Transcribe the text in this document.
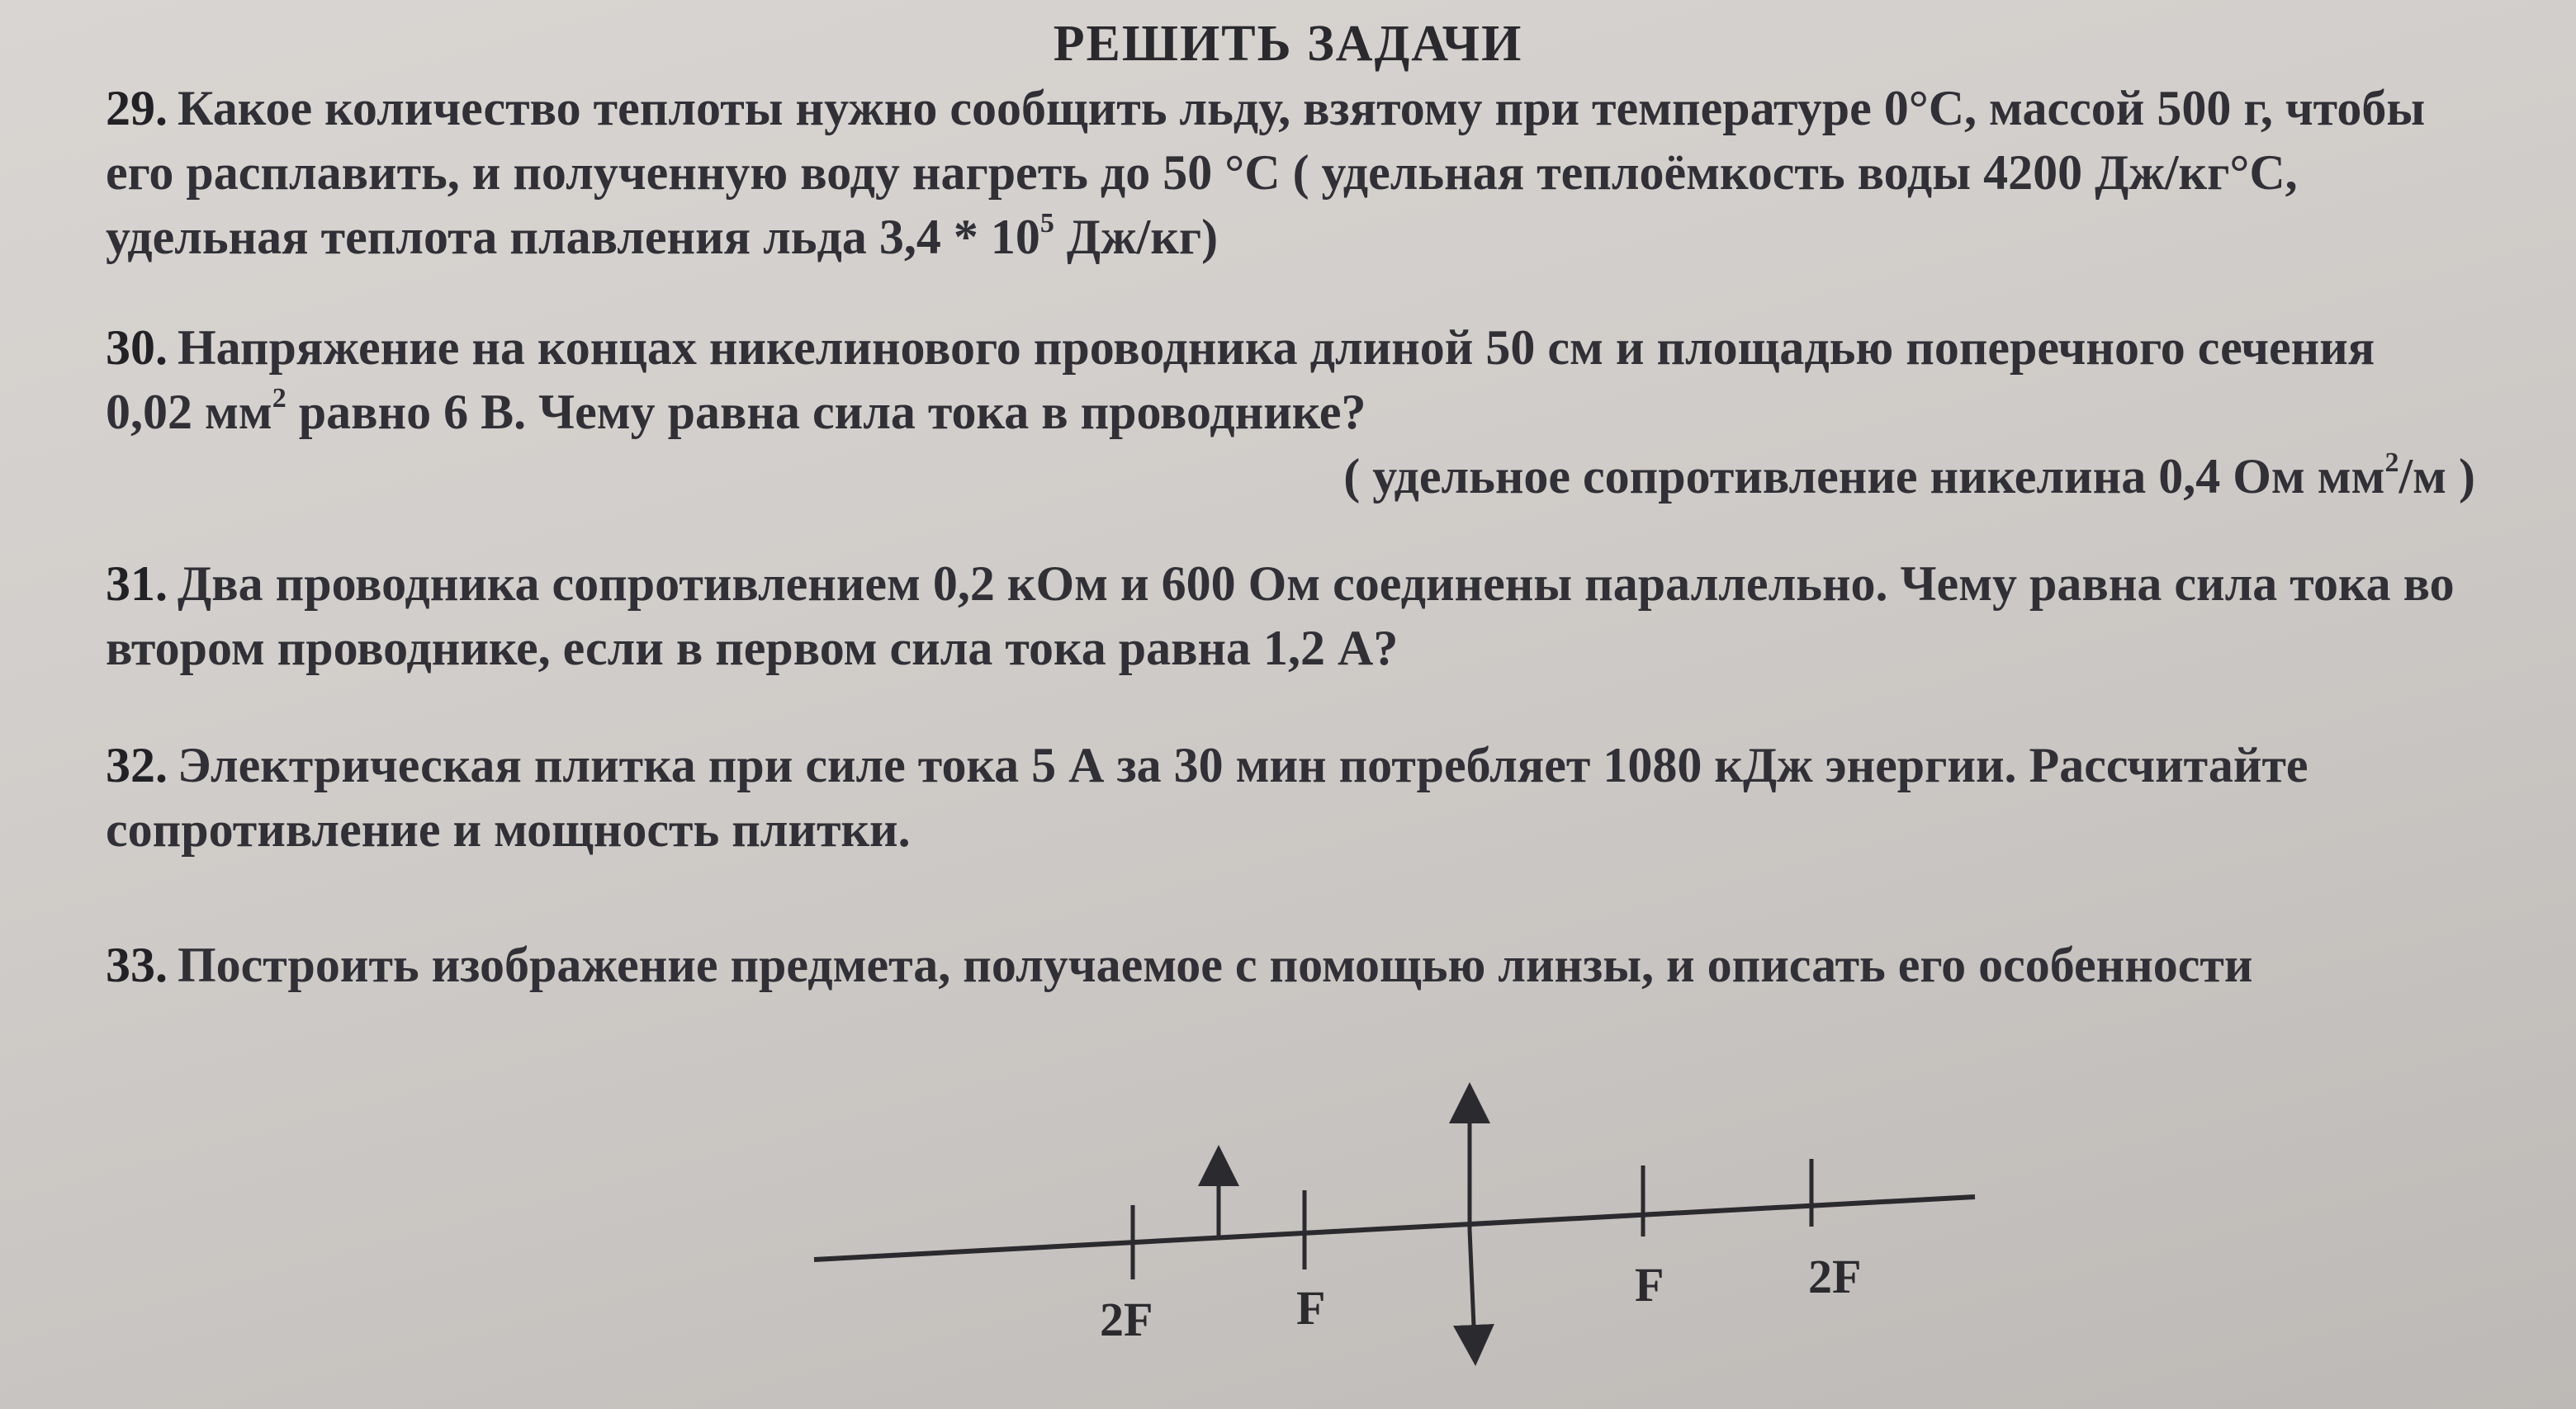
РЕШИТЬ ЗАДАЧИ
29. Какое количество теплоты нужно сообщить льду, взятому при температуре 0°С, массой 500 г, чтобы
его расплавить, и полученную воду нагреть до 50 °С ( удельная теплоёмкость воды 4200 Дж/кг°С,
удельная теплота плавления льда $3,4 * 10^5$ Дж/кг)
30. Напряжение на концах никелинового проводника длиной 50 см и площадью поперечного сечения
0,02 $мм^2$ равно 6 В. Чему равна сила тока в проводнике?
( удельное сопротивление никелина 0,4 Ом $мм^2/м$ )
31. Два проводника сопротивлением 0,2 кОм и 600 Ом соединены параллельно. Чему равна сила тока во
втором проводнике, если в первом сила тока равна 1,2 А?
32. Электрическая плитка при силе тока 5 А за 30 мин потребляет 1080 кДж энергии. Рассчитайте
сопротивление и мощность плитки.
33. Построить изображение предмета, получаемое с помощью линзы, и описать его особенности
2F	F	F	2F
